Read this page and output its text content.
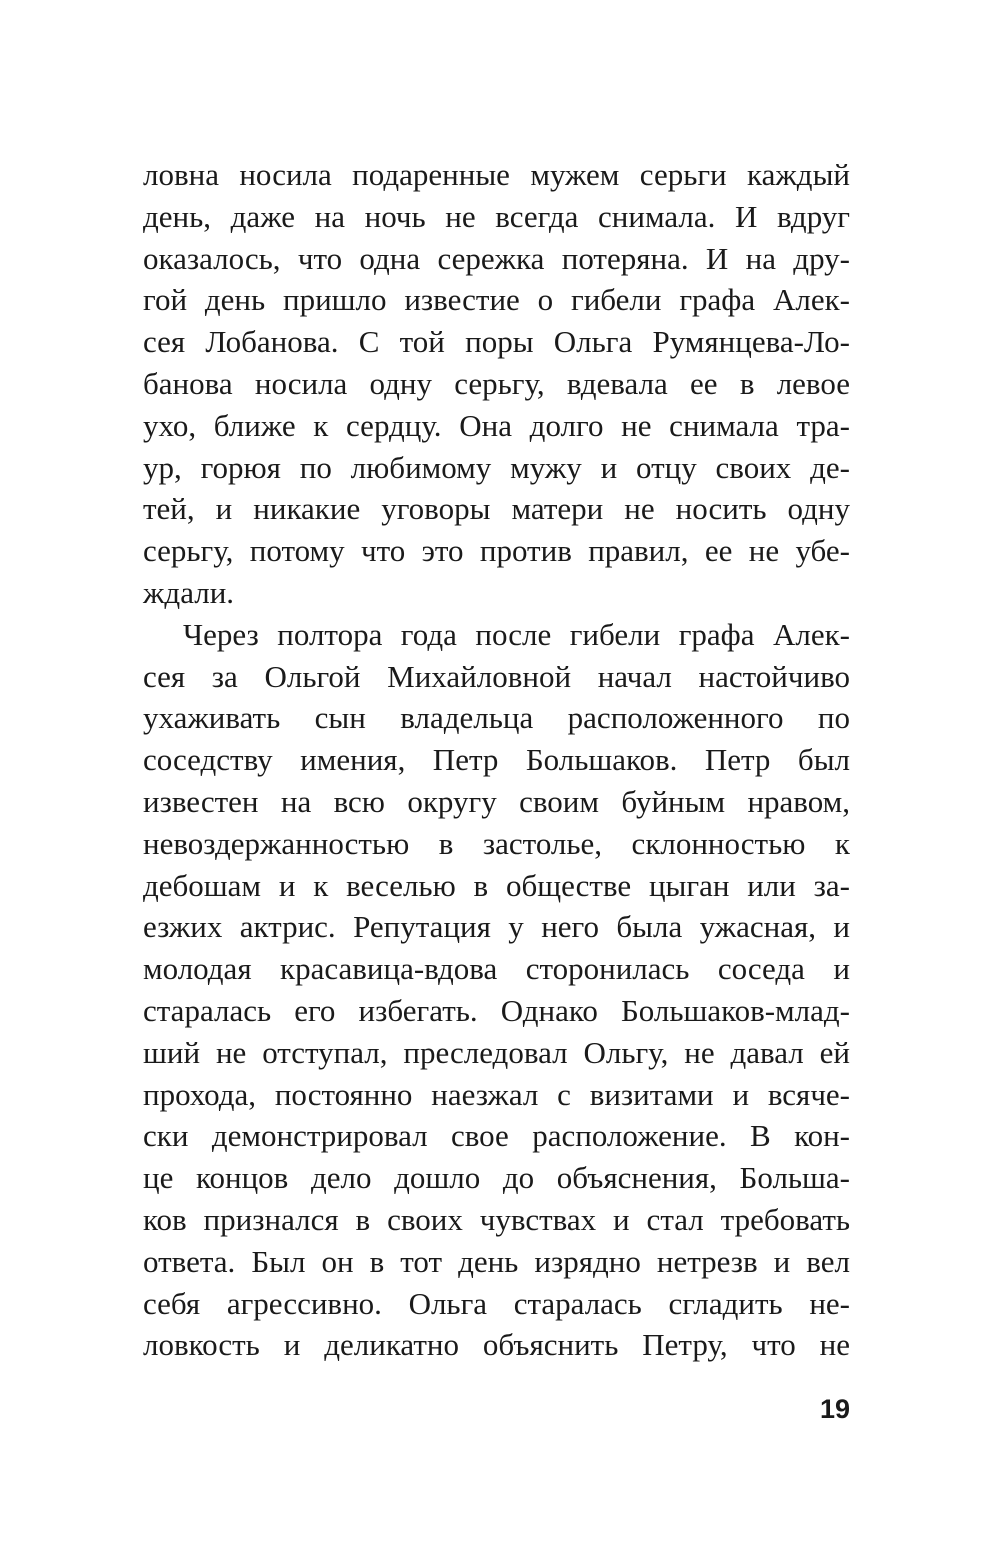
ловна носила подаренные мужем серьги каждый
день, даже на ночь не всегда снимала. И вдруг
оказалось, что одна сережка потеряна. И на дру-
гой день пришло известие о гибели графа Алек-
сея Лобанова. С той поры Ольга Румянцева-Ло-
банова носила одну серьгу, вдевала ее в левое
ухо, ближе к сердцу. Она долго не снимала тра-
ур, горюя по любимому мужу и отцу своих де-
тей, и никакие уговоры матери не носить одну
серьгу, потому что это против правил, ее не убе-
ждали.
Через полтора года после гибели графа Алек-
сея за Ольгой Михайловной начал настойчиво
ухаживать сын владельца расположенного по
соседству имения, Петр Большаков. Петр был
известен на всю округу своим буйным нравом,
невоздержанностью в застолье, склонностью к
дебошам и к веселью в обществе цыган или за-
езжих актрис. Репутация у него была ужасная, и
молодая красавица-вдова сторонилась соседа и
старалась его избегать. Однако Большаков-млад-
ший не отступал, преследовал Ольгу, не давал ей
прохода, постоянно наезжал с визитами и всяче-
ски демонстрировал свое расположение. В кон-
це концов дело дошло до объяснения, Больша-
ков признался в своих чувствах и стал требовать
ответа. Был он в тот день изрядно нетрезв и вел
себя агрессивно. Ольга старалась сгладить не-
ловкость и деликатно объяснить Петру, что не
19
